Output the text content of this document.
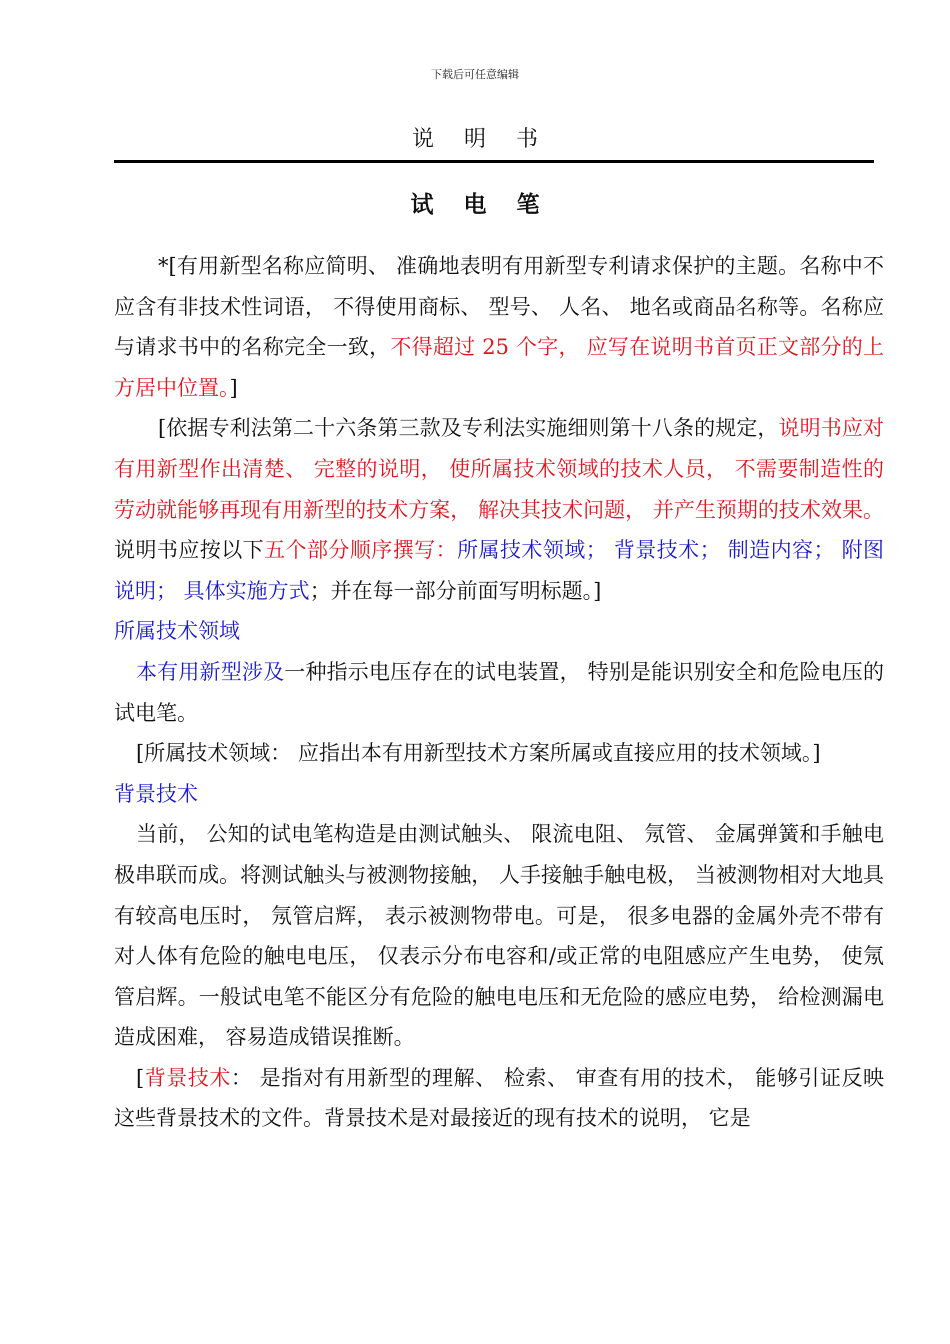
下载后可任意编辑
说明书
试电笔

*[有用新型名称应简明、 准确地表明有用新型专利请求保护的主题。名称中不应含有非技术性词语， 不得使用商标、 型号、 人名、 地名或商品名称等。名称应与请求书中的名称完全一致，不得超过 25 个字， 应写在说明书首页正文部分的上方居中位置。]

[依据专利法第二十六条第三款及专利法实施细则第十八条的规定，说明书应对有用新型作出清楚、 完整的说明， 使所属技术领域的技术人员， 不需要制造性的劳动就能够再现有用新型的技术方案， 解决其技术问题， 并产生预期的技术效果。说明书应按以下五个部分顺序撰写：所属技术领域； 背景技术； 制造内容； 附图说明； 具体实施方式；并在每一部分前面写明标题。]

所属技术领域

本有用新型涉及一种指示电压存在的试电装置， 特别是能识别安全和危险电压的试电笔。

[所属技术领域： 应指出本有用新型技术方案所属或直接应用的技术领域。]

背景技术

当前， 公知的试电笔构造是由测试触头、 限流电阻、 氖管、 金属弹簧和手触电极串联而成。将测试触头与被测物接触， 人手接触手触电极， 当被测物相对大地具有较高电压时， 氖管启辉， 表示被测物带电。可是， 很多电器的金属外壳不带有对人体有危险的触电电压， 仅表示分布电容和/或正常的电阻感应产生电势， 使氖管启辉。一般试电笔不能区分有危险的触电电压和无危险的感应电势， 给检测漏电造成困难， 容易造成错误推断。

[背景技术： 是指对有用新型的理解、 检索、 审查有用的技术， 能够引证反映这些背景技术的文件。背景技术是对最接近的现有技术的说明， 它是
